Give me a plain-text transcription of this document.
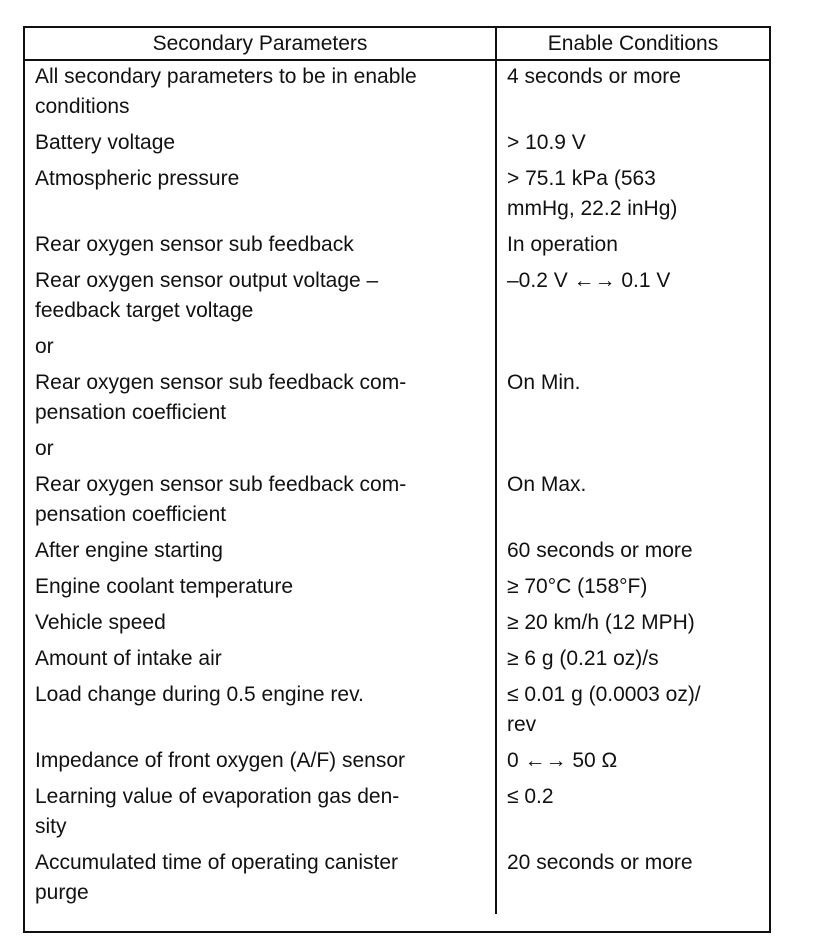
Secondary Parameters	Enable Conditions
All secondary parameters to be in enable
conditions	4 seconds or more
Battery voltage	> 10.9 V
Atmospheric pressure	> 75.1 kPa (563
mmHg, 22.2 inHg)
Rear oxygen sensor sub feedback	In operation
Rear oxygen sensor output voltage –
feedback target voltage	–0.2 V ←→ 0.1 V
or	
Rear oxygen sensor sub feedback com-
pensation coefficient	On Min.
or	
Rear oxygen sensor sub feedback com-
pensation coefficient	On Max.
After engine starting	60 seconds or more
Engine coolant temperature	≥ 70°C (158°F)
Vehicle speed	≥ 20 km/h (12 MPH)
Amount of intake air	≥ 6 g (0.21 oz)/s
Load change during 0.5 engine rev.	≤ 0.01 g (0.0003 oz)/
rev
Impedance of front oxygen (A/F) sensor	0 ←→ 50 Ω
Learning value of evaporation gas den-
sity	≤ 0.2
Accumulated time of operating canister
purge	20 seconds or more
